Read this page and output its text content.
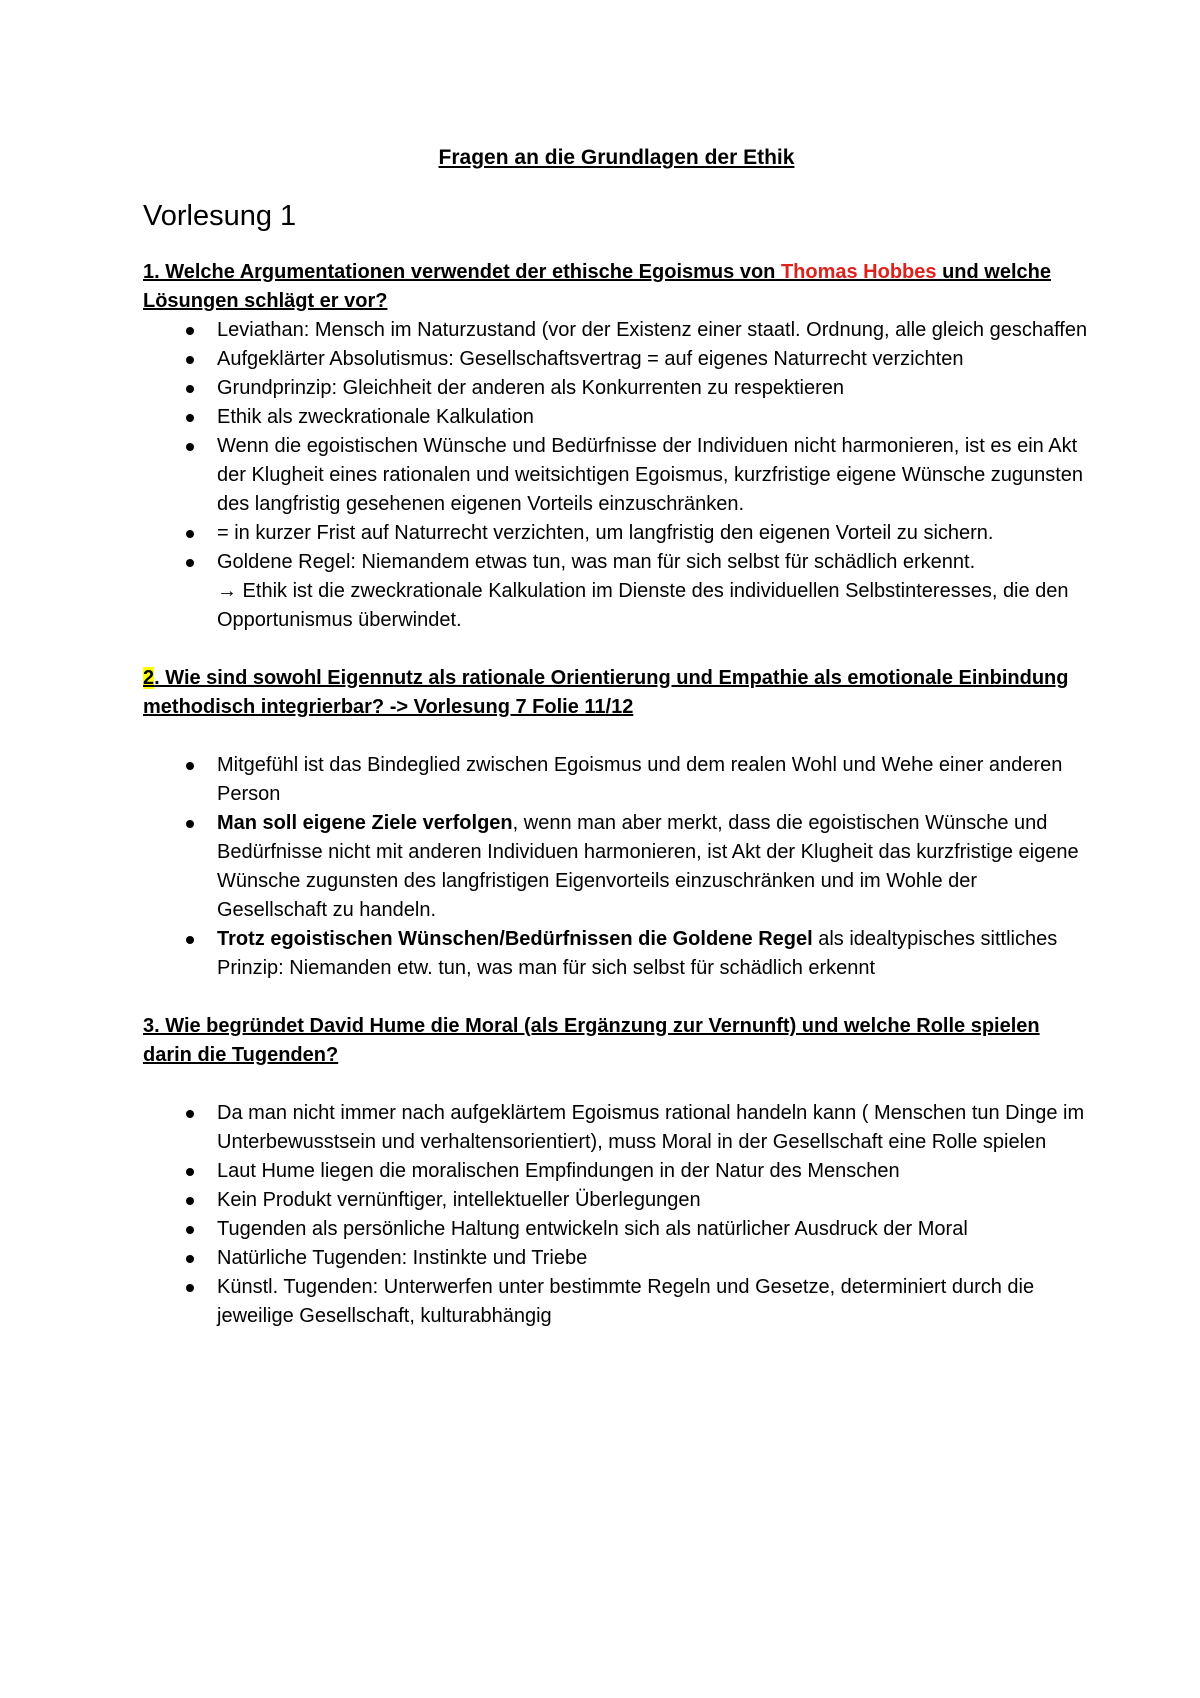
Fragen an die Grundlagen der Ethik
Vorlesung 1

1. Welche Argumentationen verwendet der ethische Egoismus von Thomas Hobbes und welche Lösungen schlägt er vor?

Leviathan: Mensch im Naturzustand (vor der Existenz einer staatl. Ordnung, alle gleich geschaffen
Aufgeklärter Absolutismus: Gesellschaftsvertrag = auf eigenes Naturrecht verzichten
Grundprinzip: Gleichheit der anderen als Konkurrenten zu respektieren
Ethik als zweckrationale Kalkulation
Wenn die egoistischen Wünsche und Bedürfnisse der Individuen nicht harmonieren, ist es ein Akt der Klugheit eines rationalen und weitsichtigen Egoismus, kurzfristige eigene Wünsche zugunsten des langfristig gesehenen eigenen Vorteils einzuschränken.
= in kurzer Frist auf Naturrecht verzichten, um langfristig den eigenen Vorteil zu sichern.
Goldene Regel: Niemandem etwas tun, was man für sich selbst für schädlich erkennt.
→ Ethik ist die zweckrationale Kalkulation im Dienste des individuellen Selbstinteresses, die den Opportunismus überwindet.

2. Wie sind sowohl Eigennutz als rationale Orientierung und Empathie als emotionale Einbindung methodisch integrierbar? -> Vorlesung 7 Folie 11/12

Mitgefühl ist das Bindeglied zwischen Egoismus und dem realen Wohl und Wehe einer anderen Person
Man soll eigene Ziele verfolgen, wenn man aber merkt, dass die egoistischen Wünsche und Bedürfnisse nicht mit anderen Individuen harmonieren, ist Akt der Klugheit das kurzfristige eigene Wünsche zugunsten des langfristigen Eigenvorteils einzuschränken und im Wohle der Gesellschaft zu handeln.
Trotz egoistischen Wünschen/Bedürfnissen die Goldene Regel als idealtypisches sittliches Prinzip: Niemanden etw. tun, was man für sich selbst für schädlich erkennt

3. Wie begründet David Hume die Moral (als Ergänzung zur Vernunft) und welche Rolle spielen darin die Tugenden?

Da man nicht immer nach aufgeklärtem Egoismus rational handeln kann ( Menschen tun Dinge im Unterbewusstsein und verhaltensorientiert), muss Moral in der Gesellschaft eine Rolle spielen
Laut Hume liegen die moralischen Empfindungen in der Natur des Menschen
Kein Produkt vernünftiger, intellektueller Überlegungen
Tugenden als persönliche Haltung entwickeln sich als natürlicher Ausdruck der Moral
Natürliche Tugenden: Instinkte und Triebe
Künstl. Tugenden: Unterwerfen unter bestimmte Regeln und Gesetze, determiniert durch die jeweilige Gesellschaft, kulturabhängig
